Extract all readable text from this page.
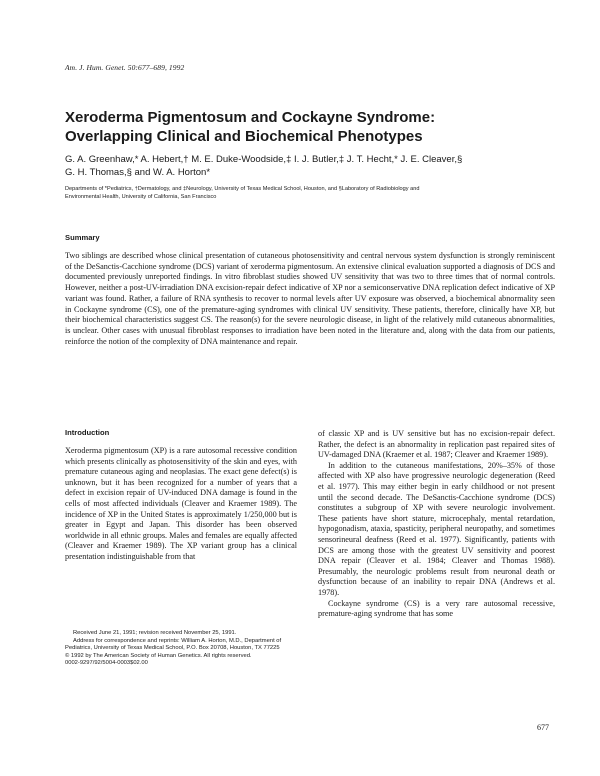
Am. J. Hum. Genet. 50:677–689, 1992
Xeroderma Pigmentosum and Cockayne Syndrome:
Overlapping Clinical and Biochemical Phenotypes
G. A. Greenhaw,* A. Hebert,† M. E. Duke-Woodside,‡ I. J. Butler,‡ J. T. Hecht,* J. E. Cleaver,§
G. H. Thomas,§ and W. A. Horton*
Departments of *Pediatrics, †Dermatology, and ‡Neurology, University of Texas Medical School, Houston, and §Laboratory of Radiobiology and
Environmental Health, University of California, San Francisco
Summary

Two siblings are described whose clinical presentation of cutaneous photosensitivity and central nervous system dysfunction is strongly reminiscent of the DeSanctis-Cacchione syndrome (DCS) variant of xeroderma pigmentosum. An extensive clinical evaluation supported a diagnosis of DCS and documented previously unreported findings. In vitro fibroblast studies showed UV sensitivity that was two to three times that of normal controls. However, neither a post-UV-irradiation DNA excision-repair defect indicative of XP nor a semiconservative DNA replication defect indicative of XP variant was found. Rather, a failure of RNA synthesis to recover to normal levels after UV exposure was observed, a biochemical abnormality seen in Cockayne syndrome (CS), one of the premature-aging syndromes with clinical UV sensitivity. These patients, therefore, clinically have XP, but their biochemical characteristics suggest CS. The reason(s) for the severe neurologic disease, in light of the relatively mild cutaneous abnormalities, is unclear. Other cases with unusual fibroblast responses to irradiation have been noted in the literature and, along with the data from our patients, reinforce the notion of the complexity of DNA maintenance and repair.

Introduction

Xeroderma pigmentosum (XP) is a rare autosomal recessive condition which presents clinically as photosensitivity of the skin and eyes, with premature cutaneous aging and neoplasias. The exact gene defect(s) is unknown, but it has been recognized for a number of years that a defect in excision repair of UV-induced DNA damage is found in the cells of most affected individuals (Cleaver and Kraemer 1989). The incidence of XP in the United States is approximately 1/250,000 but is greater in Egypt and Japan. This disorder has been observed worldwide in all ethnic groups. Males and females are equally affected (Cleaver and Kraemer 1989). The XP variant group has a clinical presentation indistinguishable from that

Received June 21, 1991; revision received November 25, 1991.

Address for correspondence and reprints: William A. Horton, M.D., Department of Pediatrics, University of Texas Medical School, P.O. Box 20708, Houston, TX 77225

© 1992 by The American Society of Human Genetics. All rights reserved.

0002-9297/92/5004-0003$02.00

of classic XP and is UV sensitive but has no excision-repair defect. Rather, the defect is an abnormality in replication past repaired sites of UV-damaged DNA (Kraemer et al. 1987; Cleaver and Kraemer 1989).

In addition to the cutaneous manifestations, 20%–35% of those affected with XP also have progressive neurologic degeneration (Reed et al. 1977). This may either begin in early childhood or not present until the second decade. The DeSanctis-Cacchione syndrome (DCS) constitutes a subgroup of XP with severe neurologic involvement. These patients have short stature, microcephaly, mental retardation, hypogonadism, ataxia, spasticity, peripheral neuropathy, and sometimes sensorineural deafness (Reed et al. 1977). Significantly, patients with DCS are among those with the greatest UV sensitivity and poorest DNA repair (Cleaver et al. 1984; Cleaver and Thomas 1988). Presumably, the neurologic problems result from neuronal death or dysfunction because of an inability to repair DNA (Andrews et al. 1978).

Cockayne syndrome (CS) is a very rare autosomal recessive, premature-aging syndrome that has some

677
